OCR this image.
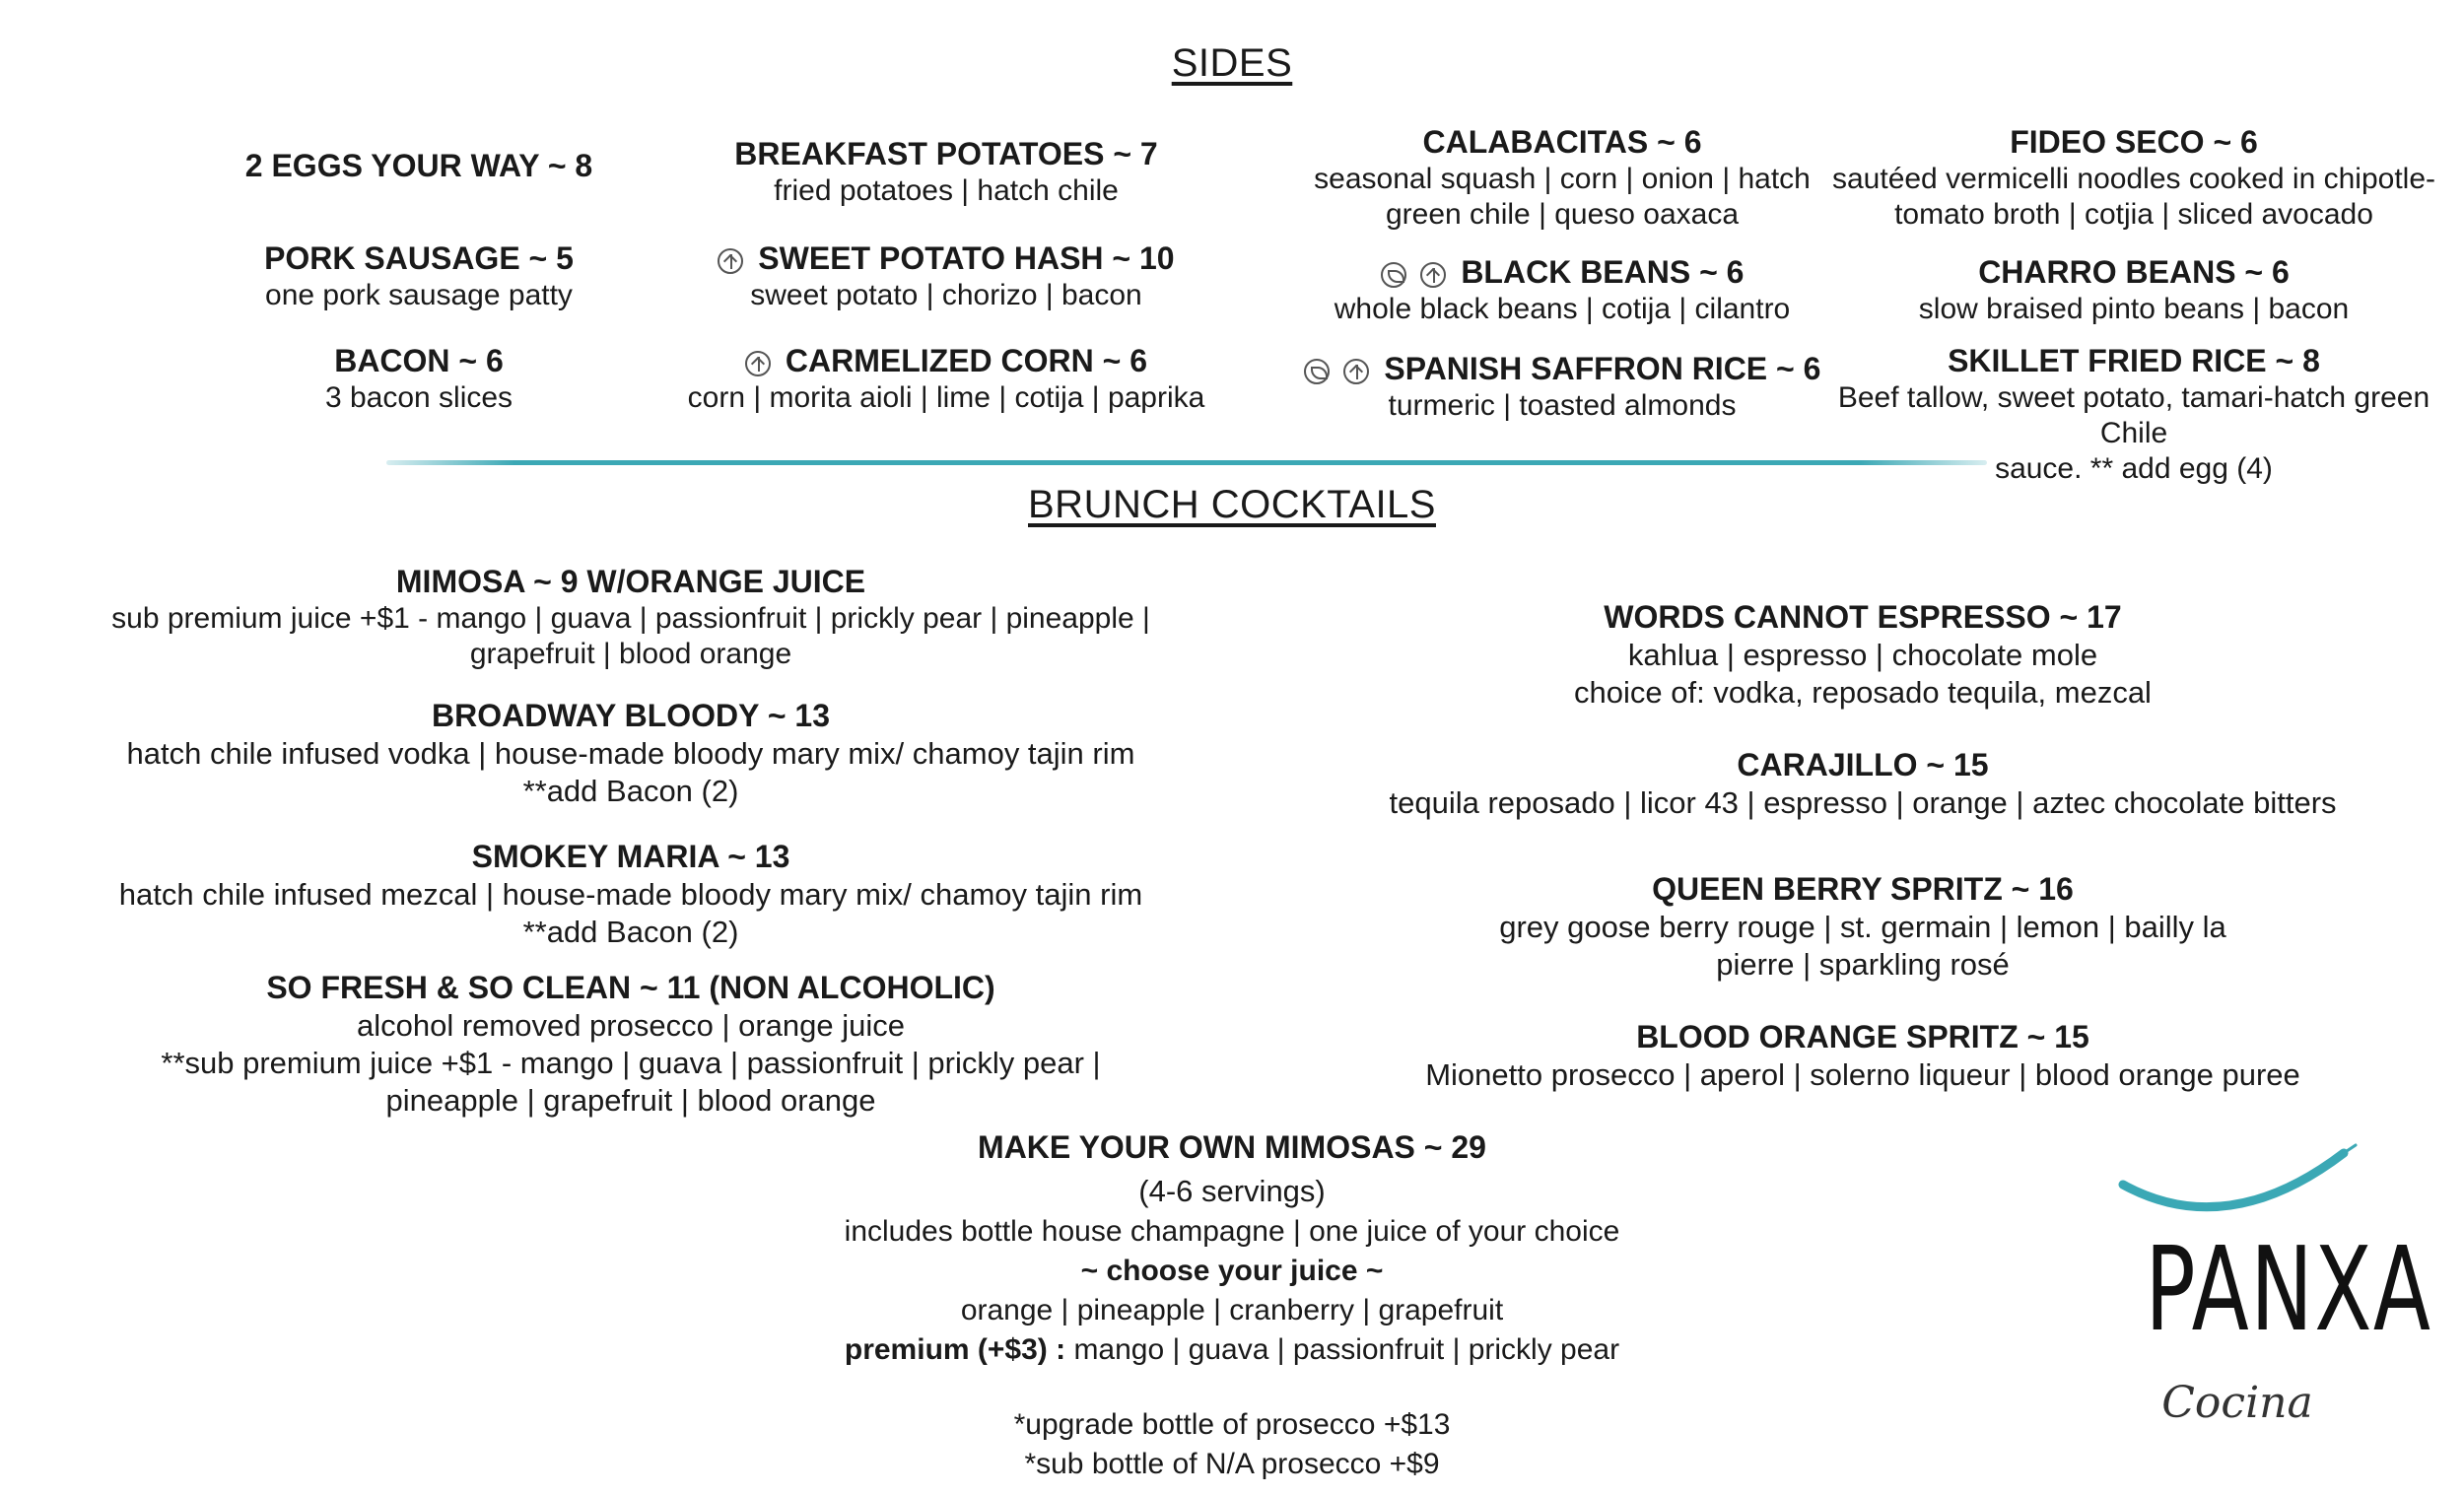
SIDES
2 EGGS YOUR WAY ~ 8
PORK SAUSAGE ~ 5
one pork sausage patty
BACON ~ 6
3 bacon slices
BREAKFAST POTATOES ~ 7
fried potatoes | hatch chile
SWEET POTATO HASH ~ 10
sweet potato | chorizo | bacon
CARMELIZED CORN ~ 6
corn | morita aioli | lime | cotija | paprika
CALABACITAS ~ 6
seasonal squash | corn | onion | hatch
green chile | queso oaxaca
BLACK BEANS ~ 6
whole black beans | cotija | cilantro
SPANISH SAFFRON RICE ~ 6
turmeric | toasted almonds
FIDEO SECO ~ 6
sautéed vermicelli noodles cooked in chipotle-
tomato broth | cotjia | sliced avocado
CHARRO BEANS ~ 6
slow braised pinto beans | bacon
SKILLET FRIED RICE ~ 8
Beef tallow, sweet potato, tamari-hatch green Chile
sauce. ** add egg (4)
BRUNCH COCKTAILS
MIMOSA ~ 9 W/ORANGE JUICE
sub premium juice +$1 - mango | guava | passionfruit | prickly pear | pineapple |
grapefruit | blood orange
BROADWAY BLOODY ~ 13
hatch chile infused vodka | house-made bloody mary mix/ chamoy tajin rim
**add Bacon (2)
SMOKEY MARIA ~ 13
hatch chile infused mezcal | house-made bloody mary mix/ chamoy tajin rim
**add Bacon (2)
SO FRESH & SO CLEAN ~ 11 (NON ALCOHOLIC)
alcohol removed prosecco | orange juice
**sub premium juice +$1 - mango | guava | passionfruit | prickly pear |
pineapple | grapefruit | blood orange
WORDS CANNOT ESPRESSO ~ 17
kahlua | espresso | chocolate mole
choice of: vodka, reposado tequila, mezcal
CARAJILLO ~ 15
tequila reposado | licor 43 | espresso | orange | aztec chocolate bitters
QUEEN BERRY SPRITZ ~ 16
grey goose berry rouge | st. germain | lemon | bailly la
pierre | sparkling rosé
BLOOD ORANGE SPRITZ ~ 15
Mionetto prosecco | aperol | solerno liqueur | blood orange puree
MAKE YOUR OWN MIMOSAS ~ 29
(4-6 servings)
includes bottle house champagne | one juice of your choice
~ choose your juice ~
orange | pineapple | cranberry | grapefruit
premium (+$3) : mango | guava | passionfruit | prickly pear
*upgrade bottle of prosecco +$13
*sub bottle of N/A prosecco +$9
PANXA
Cocina
